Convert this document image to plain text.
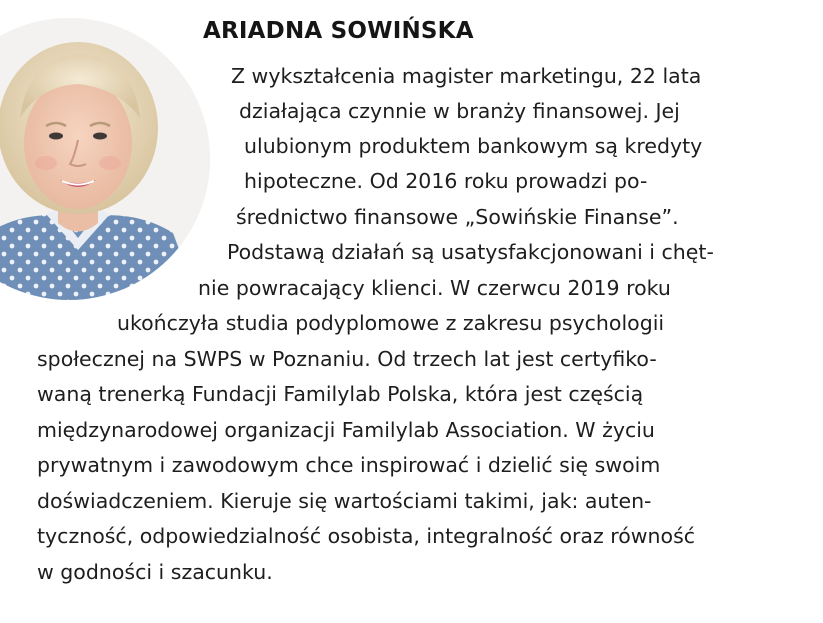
ARIADNA SOWIŃSKA
Z wykształcenia magister marketingu, 22 lata
działająca czynnie w branży finansowej. Jej
ulubionym produktem bankowym są kredyty
hipoteczne. Od 2016 roku prowadzi po-
średnictwo finansowe „Sowińskie Finanse”.
Podstawą działań są usatysfakcjonowani i chęt-
nie powracający klienci. W czerwcu 2019 roku
ukończyła studia podyplomowe z zakresu psychologii
społecznej na SWPS w Poznaniu. Od trzech lat jest certyfiko-
waną trenerką Fundacji Familylab Polska, która jest częścią
międzynarodowej organizacji Familylab Association. W życiu
prywatnym i zawodowym chce inspirować i dzielić się swoim
doświadczeniem. Kieruje się wartościami takimi, jak: auten-
tyczność, odpowiedzialność osobista, integralność oraz równość
w godności i szacunku.
